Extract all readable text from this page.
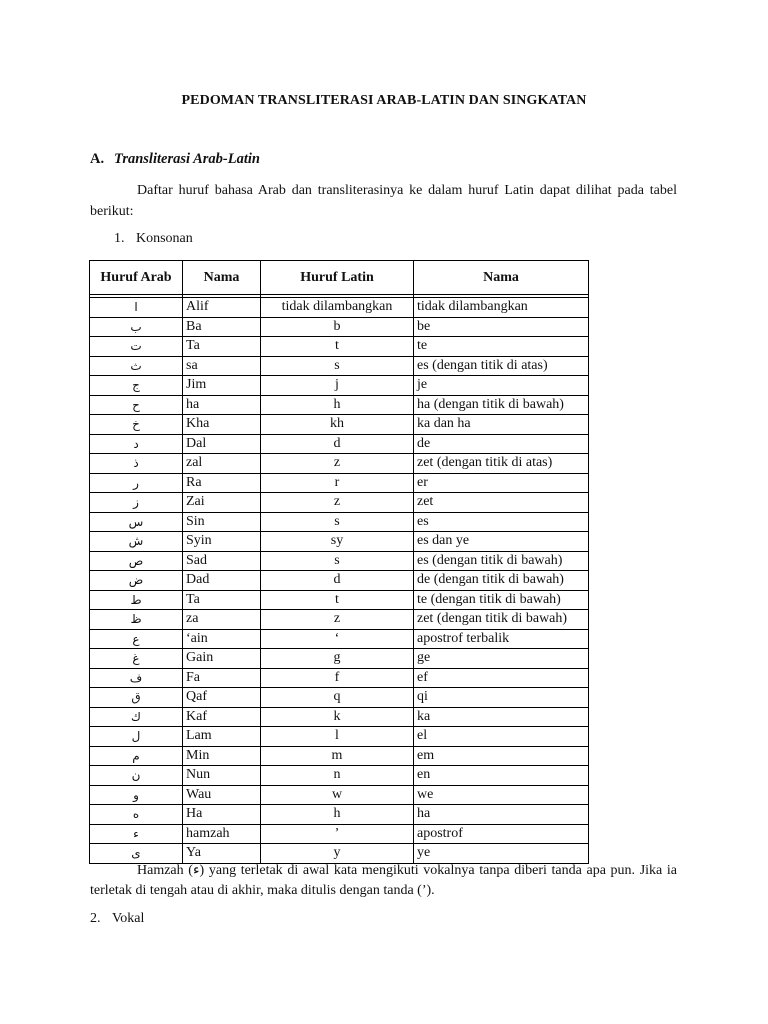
PEDOMAN TRANSLITERASI ARAB-LATIN DAN SINGKATAN
A. Transliterasi Arab-Latin
Daftar huruf bahasa Arab dan transliterasinya ke dalam huruf Latin dapat dilihat pada tabel berikut:
1. Konsonan
Huruf Arab	Nama	Huruf Latin	Nama

ا	Alif	tidak dilambangkan	tidak dilambangkan
ب	Ba	b	be
ت	Ta	t	te
ث	sa	s	es (dengan titik di atas)
ج	Jim	j	je
ح	ha	h	ha (dengan titik di bawah)
خ	Kha	kh	ka dan ha
د	Dal	d	de
ذ	zal	z	zet (dengan titik di atas)
ر	Ra	r	er
ز	Zai	z	zet
س	Sin	s	es
ش	Syin	sy	es dan ye
ص	Sad	s	es (dengan titik di bawah)
ض	Dad	d	de (dengan titik di bawah)
ط	Ta	t	te (dengan titik di bawah)
ظ	za	z	zet (dengan titik di bawah)
ع	‘ain	‘	apostrof terbalik
غ	Gain	g	ge
ف	Fa	f	ef
ق	Qaf	q	qi
ك	Kaf	k	ka
ل	Lam	l	el
م	Min	m	em
ن	Nun	n	en
و	Wau	w	we
ه	Ha	h	ha
ء	hamzah	’	apostrof
ى	Ya	y	ye
Hamzah (ء) yang terletak di awal kata mengikuti vokalnya tanpa diberi tanda apa pun. Jika ia terletak di tengah atau di akhir, maka ditulis dengan tanda (’).
2. Vokal
